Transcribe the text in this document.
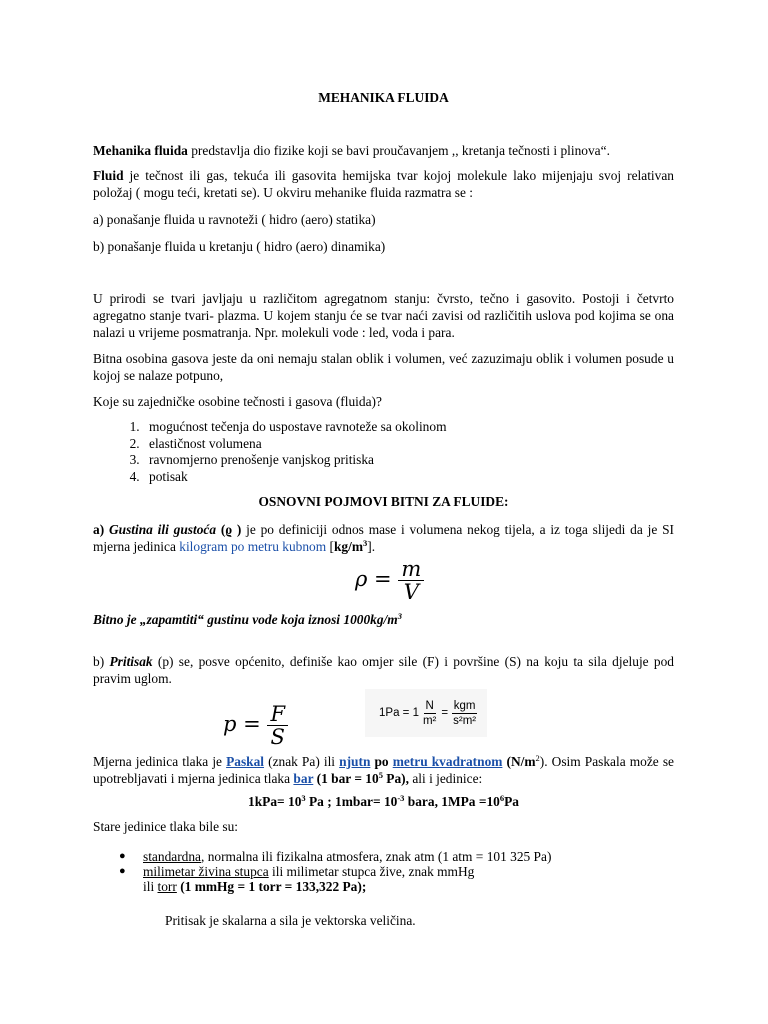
MEHANIKA FLUIDA
Mehanika fluida predstavlja dio fizike koji se bavi proučavanjem ,, kretanja tečnosti i plinova“.
Fluid je tečnost ili gas, tekuća ili gasovita hemijska tvar kojoj molekule lako mijenjaju svoj relativan položaj ( mogu teći, kretati se). U okviru mehanike fluida razmatra se :
a) ponašanje fluida u ravnoteži ( hidro (aero) statika)
b) ponašanje fluida u kretanju ( hidro (aero) dinamika)
U prirodi se tvari javljaju u različitom agregatnom stanju: čvrsto, tečno i gasovito. Postoji i četvrto agregatno stanje tvari- plazma. U kojem stanju će se tvar naći zavisi od različitih uslova pod kojima se ona nalazi u vrijeme posmatranja. Npr. molekuli vode : led, voda i para.
Bitna osobina gasova jeste da oni nemaju stalan oblik i volumen, već zazuzimaju oblik i volumen posude u kojoj se nalaze potpuno,
Koje su zajedničke osobine tečnosti i gasova (fluida)?
1. mogućnost tečenja do uspostave ravnoteže sa okolinom
2. elastičnost volumena
3. ravnomjerno prenošenje vanjskog pritiska
4. potisak
OSNOVNI POJMOVI BITNI ZA FLUIDE:
a) Gustina ili gustoća (ϱ ) je po definiciji odnos mase i volumena nekog tijela, a iz toga slijedi da je SI mjerna jedinica kilogram po metru kubnom $[kg/m^3]$.
$\rho = \frac{m}{V}$
Bitno je „zapamtiti“ gustinu vode koja iznosi $1000kg/m^3$
b) Pritisak (p) se, posve općenito, definiše kao omjer sile (F) i površine (S) na koju ta sila djeluje pod pravim uglom.
$p = \frac{F}{S}$	$1Pa = 1 \frac{N}{\text{m²}} = \frac{\text{kgm}}{\text{s²m²}}$
Mjerna jedinica tlaka je Paskal (znak Pa) ili njutn po metru kvadratnom $(N/m^2)$. Osim Paskala može se upotrebljavati i mjerna jedinica tlaka bar (1 bar = $10^5$ Pa), ali i jedinice:
$1kPa= 10^3$ Pa ; 1mbar= $10^{-3}$ bara, $1MPa =10^6Pa$
Stare jedinice tlaka bile su:
● standardna, normalna ili fizikalna atmosfera, znak atm (1 atm = 101 325 Pa)
● milimetar živina stupca ili milimetar stupca žive, znak mmHg
ili torr (1 mmHg = 1 torr = 133,322 Pa);
Pritisak je skalarna a sila je vektorska veličina.
